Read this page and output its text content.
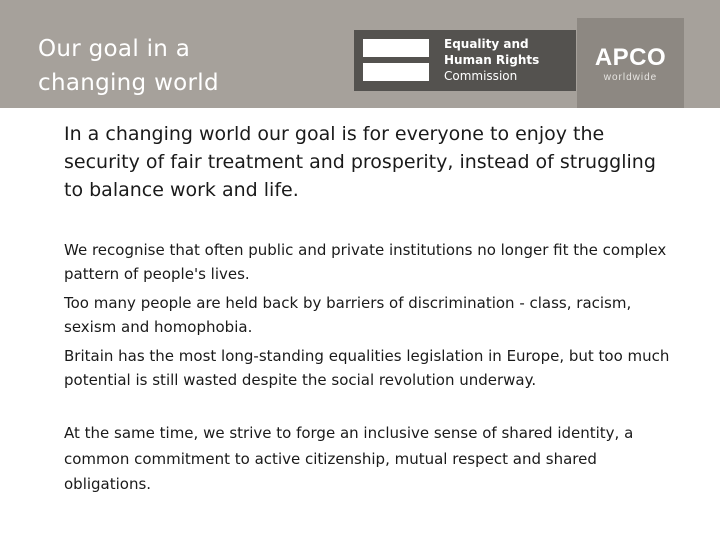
Our goal in a
changing world
Equality and
Human Rights
Commission
APCO
worldwide
In a changing world our goal is for everyone to enjoy the security of fair treatment and prosperity, instead of struggling to balance work and life.

We recognise that often public and private institutions no longer fit the complex pattern of people's lives.

Too many people are held back by barriers of discrimination - class, racism, sexism and homophobia.

Britain has the most long-standing equalities legislation in Europe, but too much potential is still wasted despite the social revolution underway.

At the same time, we strive to forge an inclusive sense of shared identity, a common commitment to active citizenship, mutual respect and shared obligations.
